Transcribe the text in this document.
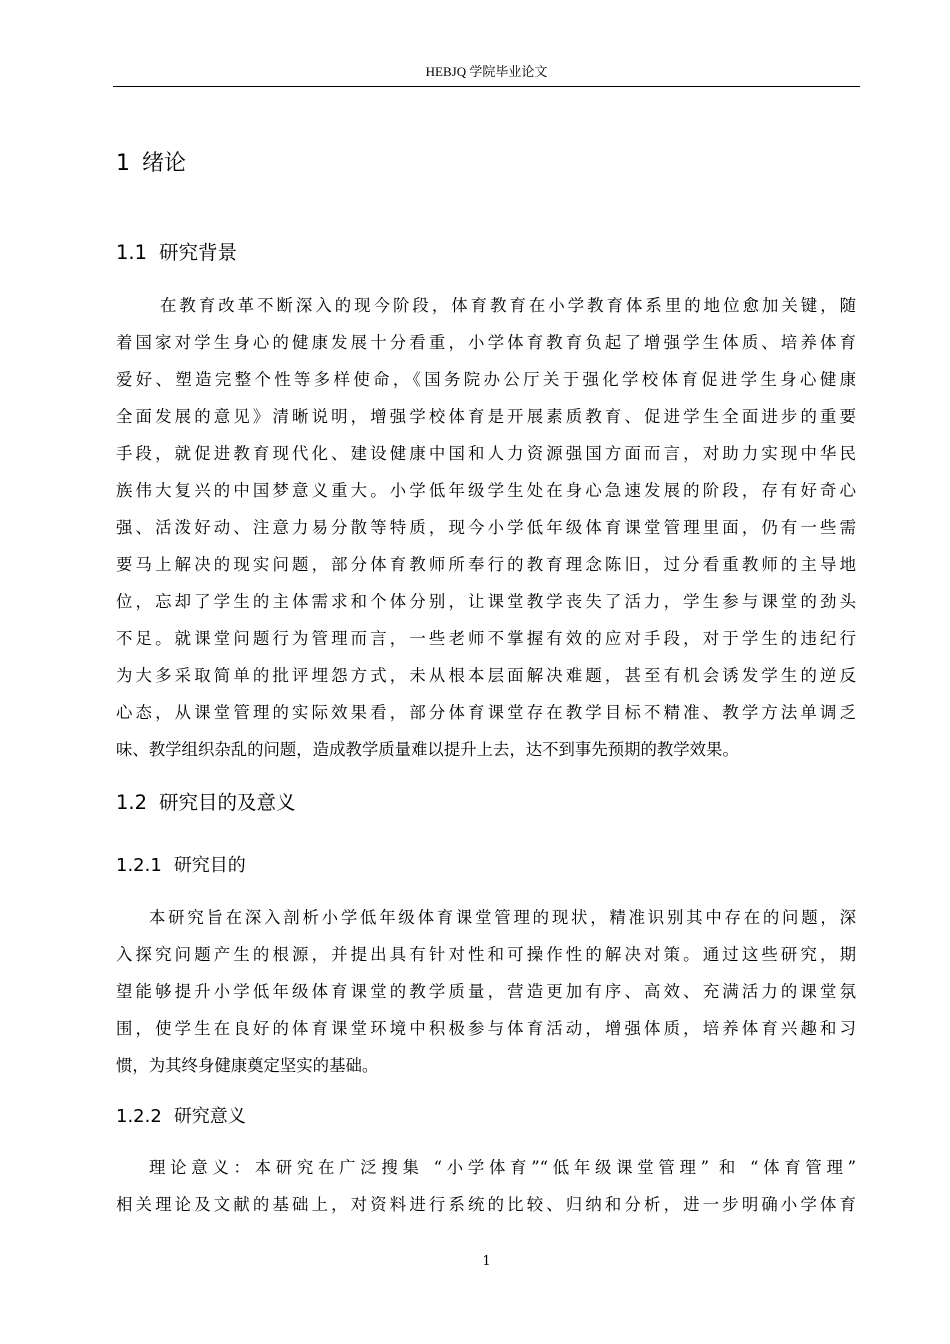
HEBJQ 学院毕业论文
1 绪论
1.1 研究背景
在教育改革不断深入的现今阶段，体育教育在小学教育体系里的地位愈加关键，随
着国家对学生身心的健康发展十分看重，小学体育教育负起了增强学生体质、培养体育
爱好、塑造完整个性等多样使命，《国务院办公厅关于强化学校体育促进学生身心健康
全面发展的意见》清晰说明，增强学校体育是开展素质教育、促进学生全面进步的重要
手段，就促进教育现代化、建设健康中国和人力资源强国方面而言，对助力实现中华民
族伟大复兴的中国梦意义重大。小学低年级学生处在身心急速发展的阶段，存有好奇心
强、活泼好动、注意力易分散等特质，现今小学低年级体育课堂管理里面，仍有一些需
要马上解决的现实问题，部分体育教师所奉行的教育理念陈旧，过分看重教师的主导地
位，忘却了学生的主体需求和个体分别，让课堂教学丧失了活力，学生参与课堂的劲头
不足。就课堂问题行为管理而言，一些老师不掌握有效的应对手段，对于学生的违纪行
为大多采取简单的批评埋怨方式，未从根本层面解决难题，甚至有机会诱发学生的逆反
心态，从课堂管理的实际效果看，部分体育课堂存在教学目标不精准、教学方法单调乏
味、教学组织杂乱的问题，造成教学质量难以提升上去，达不到事先预期的教学效果。
1.2 研究目的及意义
1.2.1 研究目的
本研究旨在深入剖析小学低年级体育课堂管理的现状，精准识别其中存在的问题，深
入探究问题产生的根源，并提出具有针对性和可操作性的解决对策。通过这些研究，期
望能够提升小学低年级体育课堂的教学质量，营造更加有序、高效、充满活力的课堂氛
围，使学生在良好的体育课堂环境中积极参与体育活动，增强体质，培养体育兴趣和习
惯，为其终身健康奠定坚实的基础。
1.2.2 研究意义
理论意义：本研究在广泛搜集 “小学体育”“低年级课堂管理” 和 “体育管理”
相关理论及文献的基础上，对资料进行系统的比较、归纳和分析，进一步明确小学体育
1
